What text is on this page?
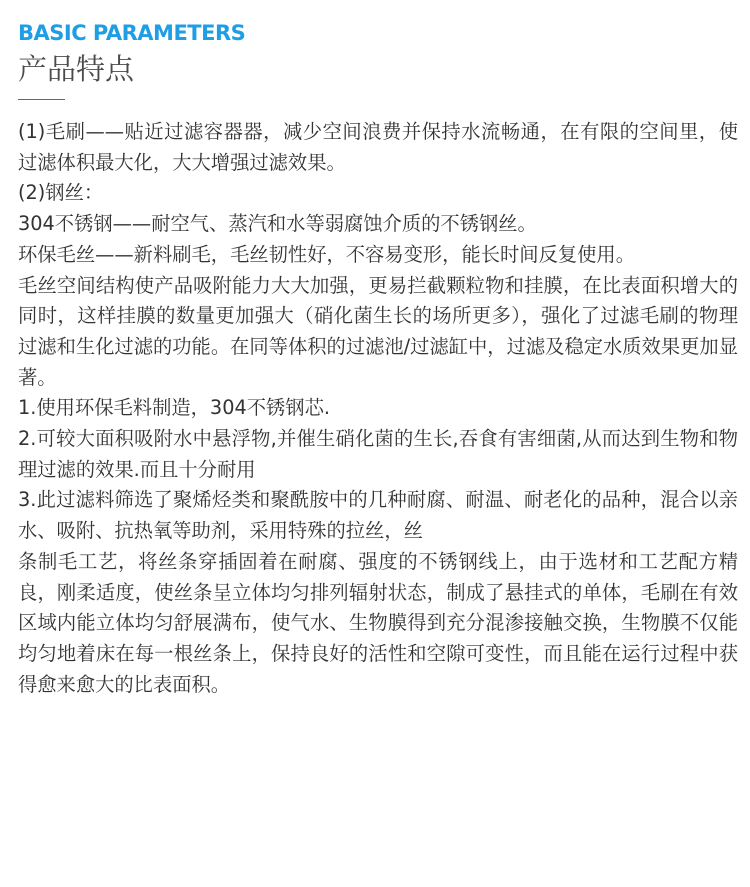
BASIC PARAMETERS
产品特点

(1)毛刷——贴近过滤容器器，减少空间浪费并保持水流畅通，在有限的空间里，使过滤体积最大化，大大增强过滤效果。

(2)钢丝：

304不锈钢——耐空气、蒸汽和水等弱腐蚀介质的不锈钢丝。

环保毛丝——新料刷毛，毛丝韧性好，不容易变形，能长时间反复使用。

毛丝空间结构使产品吸附能力大大加强，更易拦截颗粒物和挂膜，在比表面积增大的同时，这样挂膜的数量更加强大（硝化菌生长的场所更多），强化了过滤毛刷的物理过滤和生化过滤的功能。在同等体积的过滤池/过滤缸中，过滤及稳定水质效果更加显著。

1.使用环保毛料制造，304不锈钢芯.

2.可较大面积吸附水中悬浮物,并催生硝化菌的生长,吞食有害细菌,从而达到生物和物理过滤的效果.而且十分耐用

3.此过滤料筛选了聚烯烃类和聚酰胺中的几种耐腐、耐温、耐老化的品种，混合以亲水、吸附、抗热氧等助剂，采用特殊的拉丝，丝

条制毛工艺，将丝条穿插固着在耐腐、强度的不锈钢线上，由于选材和工艺配方精良，刚柔适度，使丝条呈立体均匀排列辐射状态，制成了悬挂式的单体，毛刷在有效区域内能立体均匀舒展满布，使气水、生物膜得到充分混渗接触交换，生物膜不仅能均匀地着床在每一根丝条上，保持良好的活性和空隙可变性，而且能在运行过程中获得愈来愈大的比表面积。
